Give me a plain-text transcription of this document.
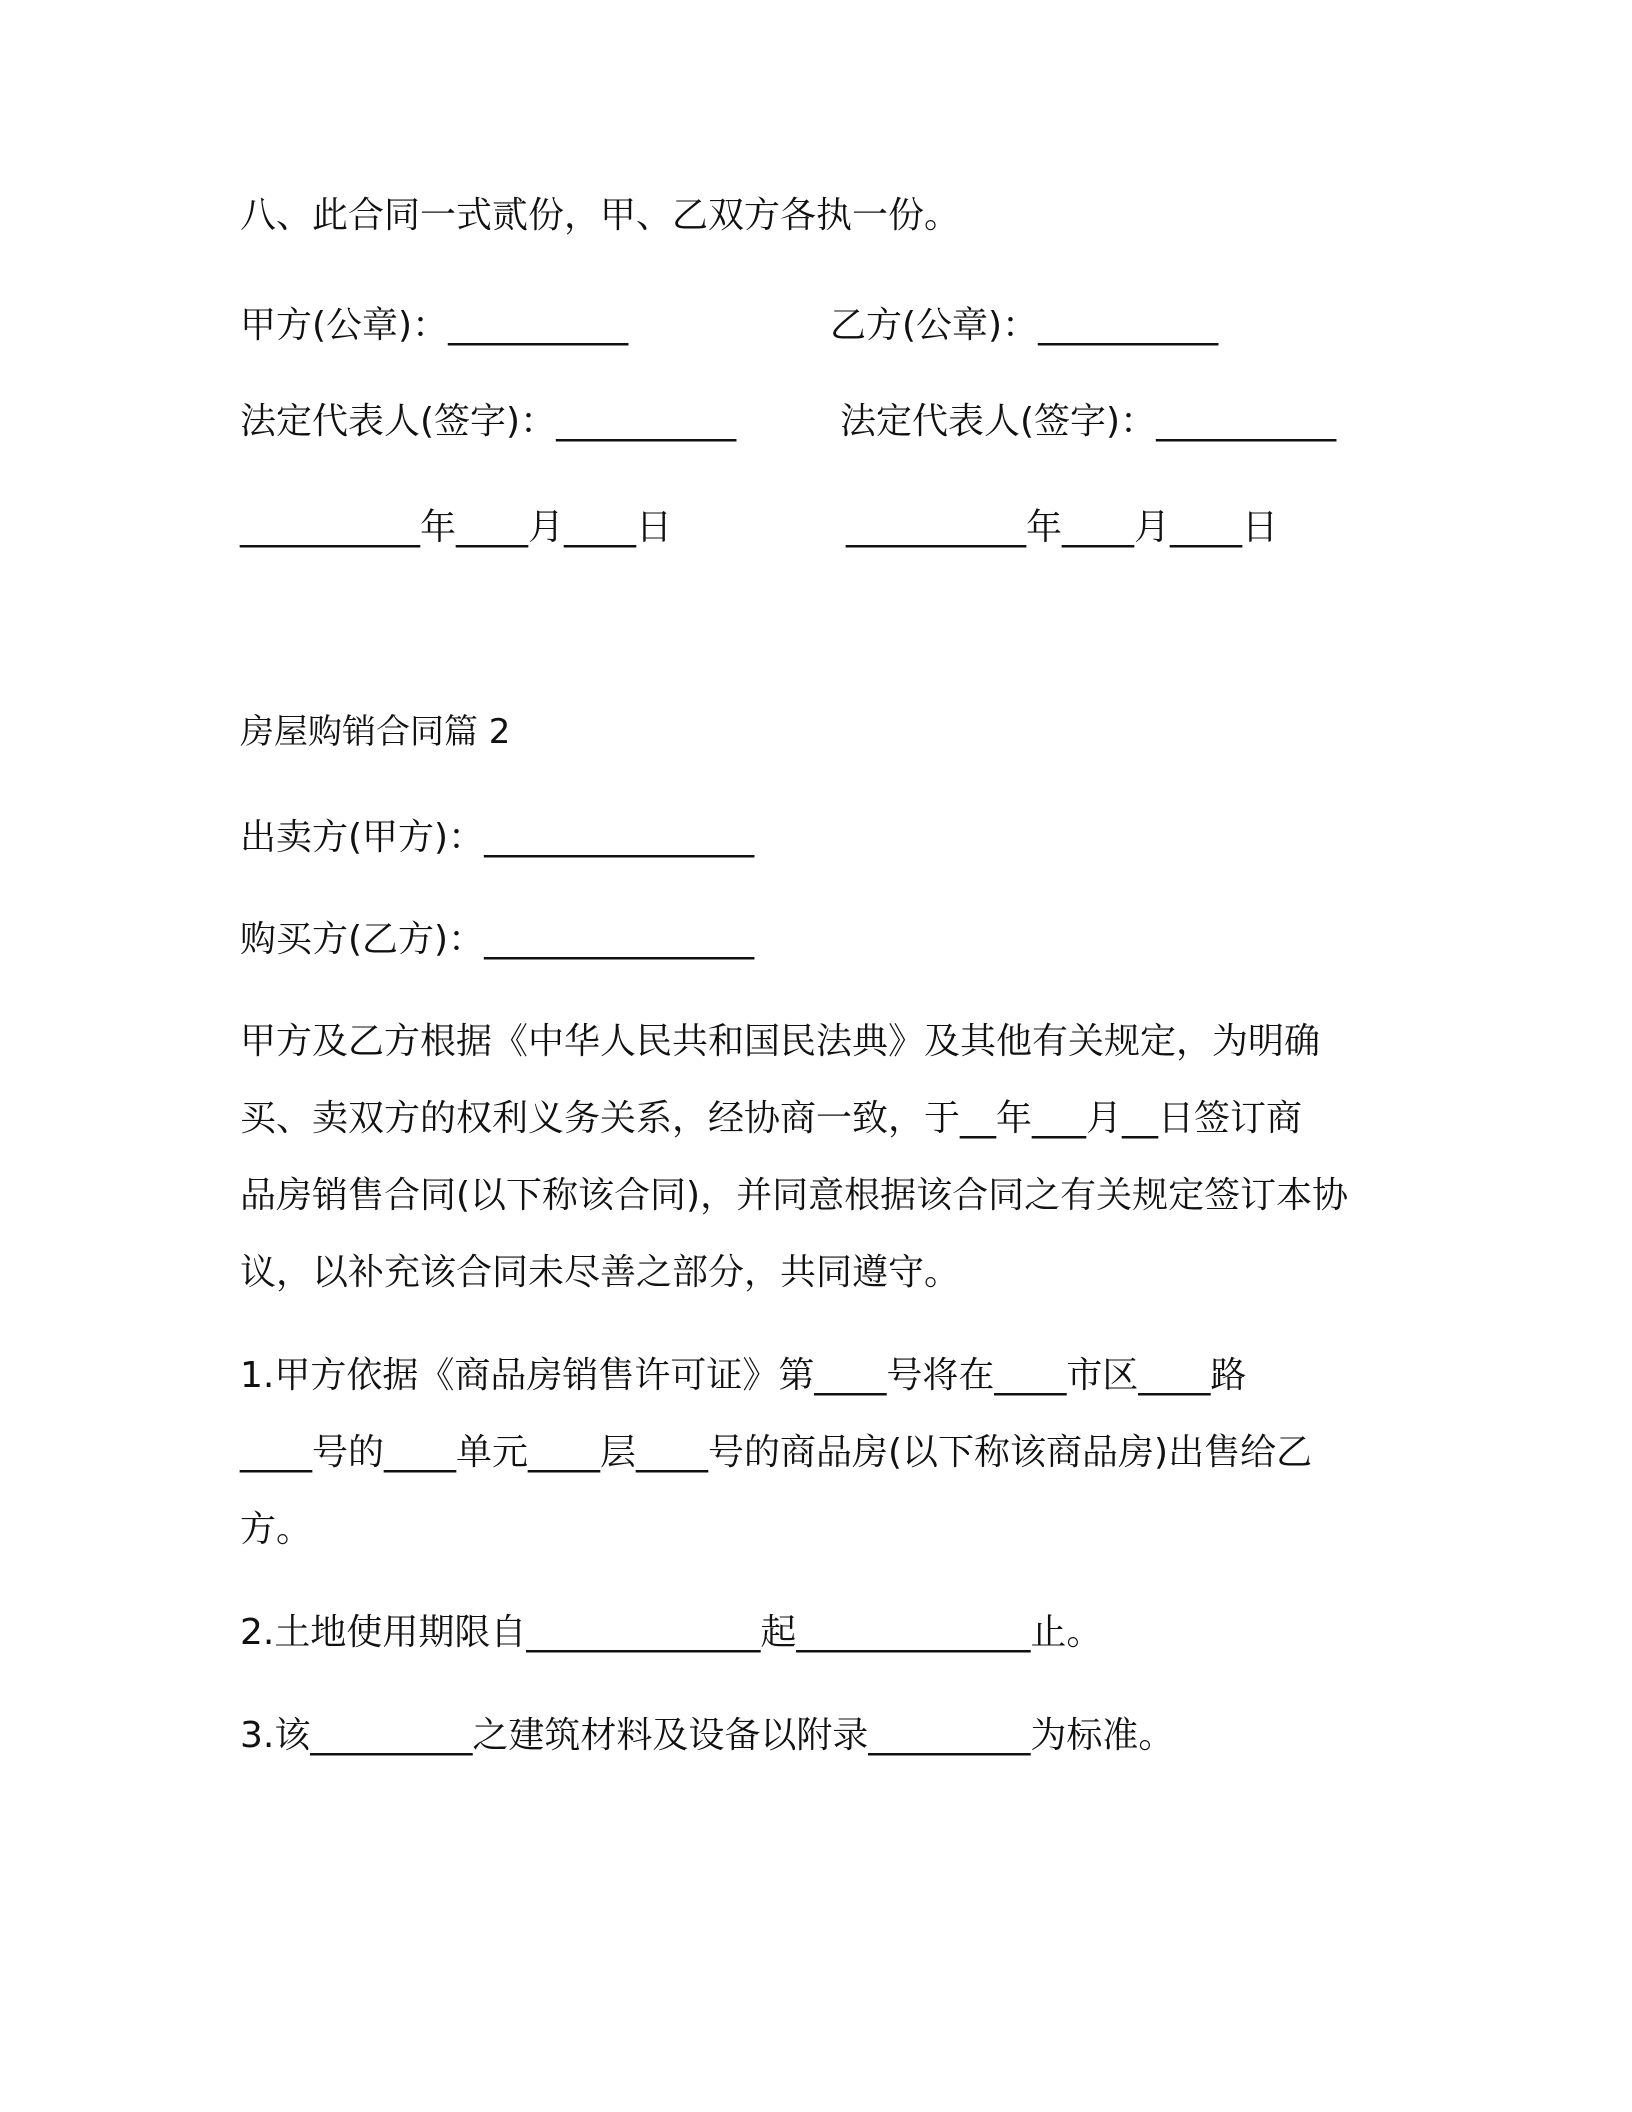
八、此合同一式贰份，甲、乙双方各执一份。
甲方(公章)：__________	乙方(公章)：__________
法定代表人(签字)：__________	法定代表人(签字)：__________
__________年____月____日	__________年____月____日
房屋购销合同篇 2
出卖方(甲方)：_______________
购买方(乙方)：_______________
甲方及乙方根据《中华人民共和国民法典》及其他有关规定，为明确
买、卖双方的权利义务关系，经协商一致，于__年___月__日签订商
品房销售合同(以下称该合同)，并同意根据该合同之有关规定签订本协
议，以补充该合同未尽善之部分，共同遵守。
1.甲方依据《商品房销售许可证》第____号将在____市区____路
____号的____单元____层____号的商品房(以下称该商品房)出售给乙
方。
2.土地使用期限自_____________起_____________止。
3.该_________之建筑材料及设备以附录_________为标准。
